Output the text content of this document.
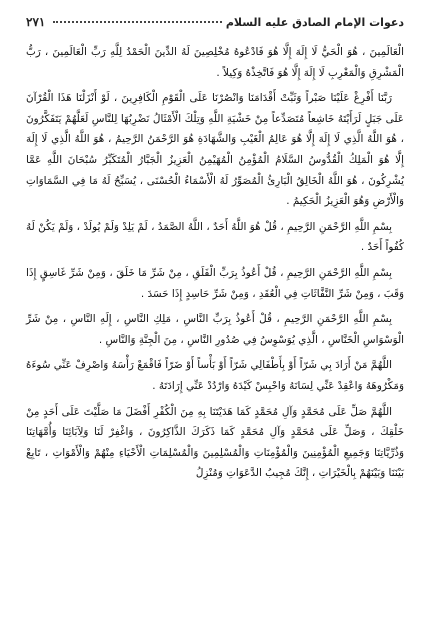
٢٧١	دعوات الإمام الصادق عليه السلام

الْعَالَمِينَ ، هُوَ الْحَيُّ لَا إِلَهَ إِلَّا هُوَ فَادْعُوهُ مُخْلِصِينَ لَهُ الدِّينَ الْحَمْدُ لِلَّهِ رَبِّ الْعَالَمِينَ ، رَبُّ الْمَشْرِقِ وَالْمَغْرِبِ لَا إِلَهَ إِلَّا هُوَ فَاتَّخِذْهُ وَكِيلاً .

رَبَّنَا أَفْرِغْ عَلَيْنَا صَبْراً وَثَبِّتْ أَقْدَامَنَا وَانْصُرْنَا عَلَى الْقَوْمِ الْكَافِرِينَ ، لَوْ أَنْزَلْنَا هَذَا الْقُرْآنَ عَلَى جَبَلٍ لَرَأَيْتَهُ خَاشِعاً مُتَصَدِّعاً مِنْ خَشْيَةِ اللَّهِ وَتِلْكَ الْأَمْثَالُ نَضْرِبُهَا لِلنَّاسِ لَعَلَّهُمْ يَتَفَكَّرُونَ ، هُوَ اللَّهُ الَّذِي لَا إِلَهَ إِلَّا هُوَ عَالِمُ الْغَيْبِ وَالشَّهَادَةِ هُوَ الرَّحْمَنُ الرَّحِيمُ ، هُوَ اللَّهُ الَّذِي لَا إِلَهَ إِلَّا هُوَ الْمَلِكُ الْقُدُّوسُ السَّلَامُ الْمُؤْمِنُ الْمُهَيْمِنُ الْعَزِيزُ الْجَبَّارُ الْمُتَكَبِّرُ سُبْحَانَ اللَّهِ عَمَّا يُشْرِكُونَ ، هُوَ اللَّهُ الْخَالِقُ الْبَارِئُ الْمُصَوِّرُ لَهُ الْأَسْمَاءُ الْحُسْنَى ، يُسَبِّحُ لَهُ مَا فِي السَّمَاوَاتِ وَالْأَرْضِ وَهُوَ الْعَزِيزُ الْحَكِيمُ .

بِسْمِ اللَّهِ الرَّحْمَنِ الرَّحِيمِ ، قُلْ هُوَ اللَّهُ أَحَدٌ ، اللَّهُ الصَّمَدُ ، لَمْ يَلِدْ وَلَمْ يُولَدْ ، وَلَمْ يَكُنْ لَهُ كُفُواً أَحَدٌ .

بِسْمِ اللَّهِ الرَّحْمَنِ الرَّحِيمِ ، قُلْ أَعُوذُ بِرَبِّ الْفَلَقِ ، مِنْ شَرِّ مَا خَلَقَ ، وَمِنْ شَرِّ غَاسِقٍ إِذَا وَقَبَ ، وَمِنْ شَرِّ النَّفَّاثَاتِ فِي الْعُقَدِ ، وَمِنْ شَرِّ حَاسِدٍ إِذَا حَسَدَ .

بِسْمِ اللَّهِ الرَّحْمَنِ الرَّحِيمِ ، قُلْ أَعُوذُ بِرَبِّ النَّاسِ ، مَلِكِ النَّاسِ ، إِلَهِ النَّاسِ ، مِنْ شَرِّ الْوَسْوَاسِ الْخَنَّاسِ ، الَّذِي يُوَسْوِسُ فِي صُدُورِ النَّاسِ ، مِنَ الْجِنَّةِ وَالنَّاسِ .

اللَّهُمَّ مَنْ أَرَادَ بِي شَرّاً أَوْ بِأَطْفَالِي شَرّاً أَوْ بَأْساً أَوْ ضَرّاً فَاقْمَعْ رَأْسَهُ وَاصْرِفْ عَنِّي سُوءَهُ وَمَكْرُوهَهُ وَاعْقِدْ عَنِّي لِسَانَهُ وَاحْبِسْ كَيْدَهُ وَارْدُدْ عَنِّي إِرَادَتَهُ .

اللَّهُمَّ صَلِّ عَلَى مُحَمَّدٍ وَآلِ مُحَمَّدٍ كَمَا هَدَيْتَنَا بِهِ مِنَ الْكُفْرِ أَفْضَلَ مَا صَلَّيْتَ عَلَى أَحَدٍ مِنْ خَلْقِكَ ، وَصَلِّ عَلَى مُحَمَّدٍ وَآلِ مُحَمَّدٍ كَمَا ذَكَرَكَ الذَّاكِرُونَ ، وَاغْفِرْ لَنَا وَلِآبَائِنَا وَأُمَّهَاتِنَا وَذُرِّيَّاتِنَا وَجَمِيعِ الْمُؤْمِنِينَ وَالْمُؤْمِنَاتِ وَالْمُسْلِمِينَ وَالْمُسْلِمَاتِ الْأَحْيَاءِ مِنْهُمْ وَالْأَمْوَاتِ ، تَابِعْ بَيْنَنَا وَبَيْنَهُمْ بِالْخَيْرَاتِ ، إِنَّكَ مُجِيبُ الدَّعَوَاتِ وَمُنْزِلُ
